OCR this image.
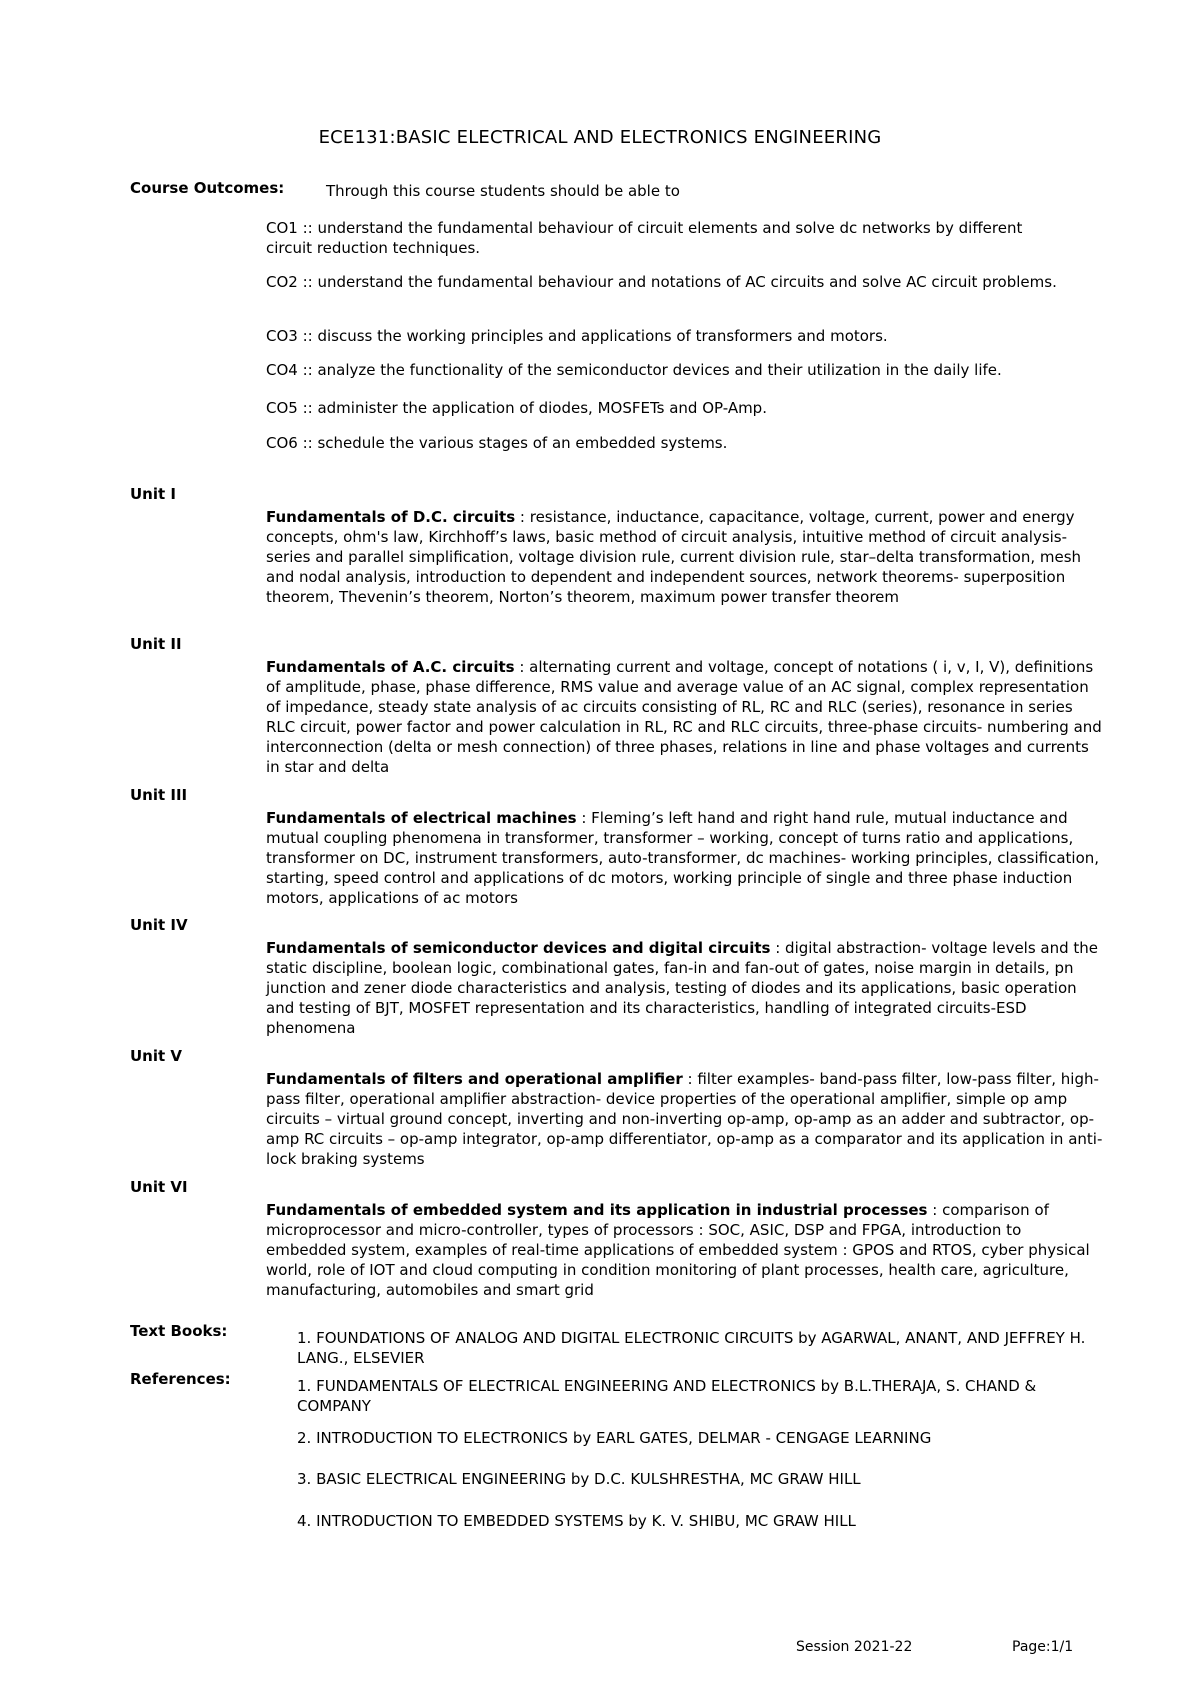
ECE131:BASIC ELECTRICAL AND ELECTRONICS ENGINEERING
Course Outcomes:	Through this course students should be able to
CO1 :: understand the fundamental behaviour of circuit elements and solve dc networks by different circuit reduction techniques.
CO2 :: understand the fundamental behaviour and notations of AC circuits and solve AC circuit problems.
CO3 :: discuss the working principles and applications of transformers and motors.
CO4 :: analyze the functionality of the semiconductor devices and their utilization in the daily life.
CO5 :: administer the application of diodes, MOSFETs and OP-Amp.
CO6 :: schedule the various stages of an embedded systems.
Unit I
Fundamentals of D.C. circuits : resistance, inductance, capacitance, voltage, current, power and energy concepts, ohm's law, Kirchhoff’s laws, basic method of circuit analysis, intuitive method of circuit analysis- series and parallel simplification, voltage division rule, current division rule, star–delta transformation, mesh and nodal analysis, introduction to dependent and independent sources, network theorems- superposition theorem, Thevenin’s theorem, Norton’s theorem, maximum power transfer theorem
Unit II
Fundamentals of A.C. circuits : alternating current and voltage, concept of notations ( i, v, I, V), definitions of amplitude, phase, phase difference, RMS value and average value of an AC signal, complex representation of impedance, steady state analysis of ac circuits consisting of RL, RC and RLC (series), resonance in series RLC circuit, power factor and power calculation in RL, RC and RLC circuits, three-phase circuits- numbering and interconnection (delta or mesh connection) of three phases, relations in line and phase voltages and currents in star and delta
Unit III
Fundamentals of electrical machines : Fleming’s left hand and right hand rule, mutual inductance and mutual coupling phenomena in transformer, transformer – working, concept of turns ratio and applications, transformer on DC, instrument transformers, auto-transformer, dc machines- working principles, classification, starting, speed control and applications of dc motors, working principle of single and three phase induction motors, applications of ac motors
Unit IV
Fundamentals of semiconductor devices and digital circuits : digital abstraction- voltage levels and the static discipline, boolean logic, combinational gates, fan-in and fan-out of gates, noise margin in details, pn junction and zener diode characteristics and analysis, testing of diodes and its applications, basic operation and testing of BJT, MOSFET representation and its characteristics, handling of integrated circuits-ESD phenomena
Unit V
Fundamentals of filters and operational amplifier : filter examples- band-pass filter, low-pass filter, high-pass filter, operational amplifier abstraction- device properties of the operational amplifier, simple op amp circuits – virtual ground concept, inverting and non-inverting op-amp, op-amp as an adder and subtractor, op-amp RC circuits – op-amp integrator, op-amp differentiator, op-amp as a comparator and its application in anti-lock braking systems
Unit VI
Fundamentals of embedded system and its application in industrial processes : comparison of microprocessor and micro-controller, types of processors : SOC, ASIC, DSP and FPGA, introduction to embedded system, examples of real-time applications of embedded system : GPOS and RTOS, cyber physical world, role of IOT and cloud computing in condition monitoring of plant processes, health care, agriculture, manufacturing, automobiles and smart grid
Text Books:	1. FOUNDATIONS OF ANALOG AND DIGITAL ELECTRONIC CIRCUITS by AGARWAL, ANANT, AND JEFFREY H. LANG., ELSEVIER
References:	1. FUNDAMENTALS OF ELECTRICAL ENGINEERING AND ELECTRONICS by B.L.THERAJA, S. CHAND & COMPANY
2. INTRODUCTION TO ELECTRONICS by EARL GATES, DELMAR - CENGAGE LEARNING
3. BASIC ELECTRICAL ENGINEERING by D.C. KULSHRESTHA, MC GRAW HILL
4. INTRODUCTION TO EMBEDDED SYSTEMS by K. V. SHIBU, MC GRAW HILL
Session 2021-22	Page:1/1
